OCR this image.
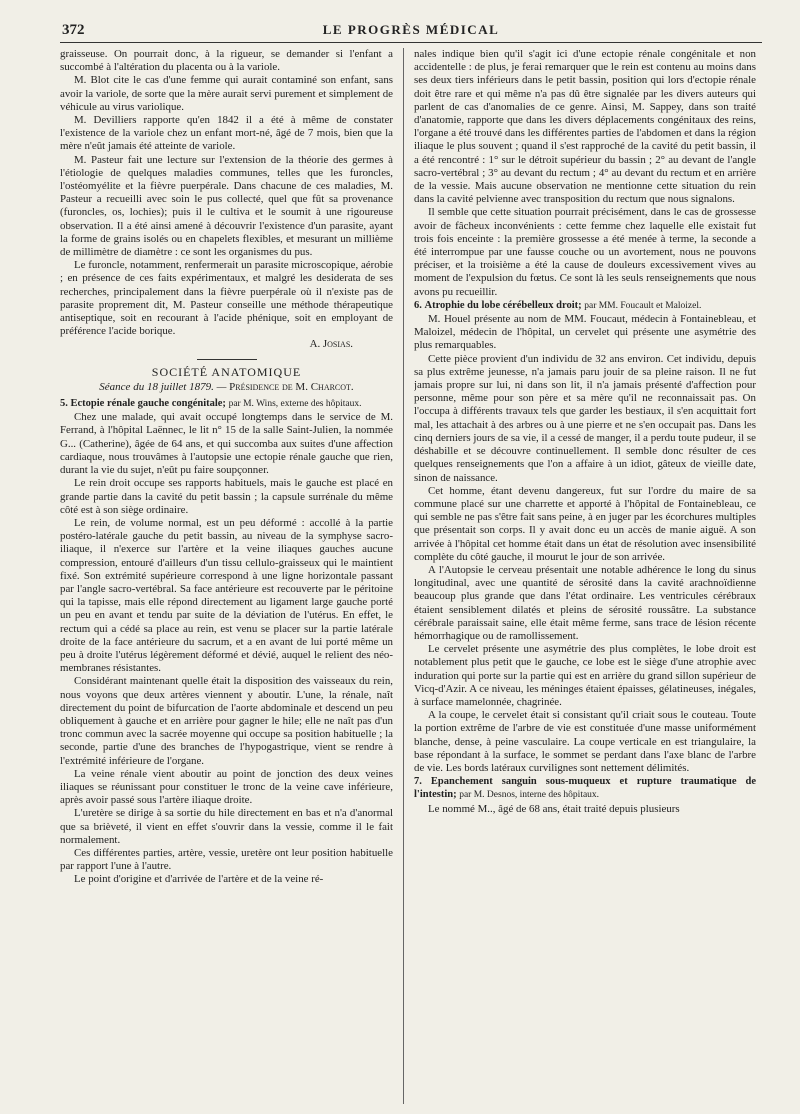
372	LE PROGRÈS MÉDICAL

graisseuse. On pourrait donc, à la rigueur, se demander si l'enfant a succombé à l'altération du placenta ou à la variole.

M. Blot cite le cas d'une femme qui aurait contaminé son enfant, sans avoir la variole, de sorte que la mère aurait servi purement et simplement de véhicule au virus variolique.

M. Devilliers rapporte qu'en 1842 il a été à même de constater l'existence de la variole chez un enfant mort-né, âgé de 7 mois, bien que la mère n'eût jamais été atteinte de variole.

M. Pasteur fait une lecture sur l'extension de la théorie des germes à l'étiologie de quelques maladies communes, telles que les furoncles, l'ostéomyélite et la fièvre puerpérale. Dans chacune de ces maladies, M. Pasteur a recueilli avec soin le pus collecté, quel que fût sa provenance (furoncles, os, lochies); puis il le cultiva et le soumit à une rigoureuse observation. Il a été ainsi amené à découvrir l'existence d'un parasite, ayant la forme de grains isolés ou en chapelets flexibles, et mesurant un millième de millimètre de diamètre : ce sont les organismes du pus.

Le furoncle, notamment, renfermerait un parasite microscopique, aérobie ; en présence de ces faits expérimentaux, et malgré les desiderata de ses recherches, principalement dans la fièvre puerpérale où il n'existe pas de parasite proprement dit, M. Pasteur conseille une méthode thérapeutique antiseptique, soit en recourant à l'acide phénique, soit en employant de préférence l'acide borique.

A. Josias.
SOCIÉTÉ ANATOMIQUE
Séance du 18 juillet 1879. — Présidence de M. Charcot.

5. Ectopie rénale gauche congénitale; par M. Wins, externe des hôpitaux.

Chez une malade, qui avait occupé longtemps dans le service de M. Ferrand, à l'hôpital Laënnec, le lit n° 15 de la salle Saint-Julien, la nommée G... (Catherine), âgée de 64 ans, et qui succomba aux suites d'une affection cardiaque, nous trouvâmes à l'autopsie une ectopie rénale gauche que rien, durant la vie du sujet, n'eût pu faire soupçonner.

Le rein droit occupe ses rapports habituels, mais le gauche est placé en grande partie dans la cavité du petit bassin ; la capsule surrénale du même côté est à son siège ordinaire.

Le rein, de volume normal, est un peu déformé : accollé à la partie postéro-latérale gauche du petit bassin, au niveau de la symphyse sacro-iliaque, il n'exerce sur l'artère et la veine iliaques gauches aucune compression, entouré d'ailleurs d'un tissu cellulo-graisseux qui le maintient fixé. Son extrémité supérieure correspond à une ligne horizontale passant par l'angle sacro-vertébral. Sa face antérieure est recouverte par le péritoine qui la tapisse, mais elle répond directement au ligament large gauche porté un peu en avant et tendu par suite de la déviation de l'utérus. En effet, le rectum qui a cédé sa place au rein, est venu se placer sur la partie latérale droite de la face antérieure du sacrum, et a en avant de lui porté même un peu à droite l'utérus légèrement déformé et dévié, auquel le relient des néo-membranes résistantes.

Considérant maintenant quelle était la disposition des vaisseaux du rein, nous voyons que deux artères viennent y aboutir. L'une, la rénale, naît directement du point de bifurcation de l'aorte abdominale et descend un peu obliquement à gauche et en arrière pour gagner le hile; elle ne naît pas d'un tronc commun avec la sacrée moyenne qui occupe sa position habituelle ; la seconde, partie d'une des branches de l'hypogastrique, vient se rendre à l'extrémité inférieure de l'organe.

La veine rénale vient aboutir au point de jonction des deux veines iliaques se réunissant pour constituer le tronc de la veine cave inférieure, après avoir passé sous l'artère iliaque droite.

L'uretère se dirige à sa sortie du hile directement en bas et n'a d'anormal que sa brièveté, il vient en effet s'ouvrir dans la vessie, comme il le fait normalement.

Ces différentes parties, artère, vessie, uretère ont leur position habituelle par rapport l'une à l'autre.

Le point d'origine et d'arrivée de l'artère et de la veine ré-

nales indique bien qu'il s'agit ici d'une ectopie rénale congénitale et non accidentelle : de plus, je ferai remarquer que le rein est contenu au moins dans ses deux tiers inférieurs dans le petit bassin, position qui lors d'ectopie rénale doit être rare et qui même n'a pas dû être signalée par les divers auteurs qui parlent de cas d'anomalies de ce genre. Ainsi, M. Sappey, dans son traité d'anatomie, rapporte que dans les divers déplacements congénitaux des reins, l'organe a été trouvé dans les différentes parties de l'abdomen et dans la région iliaque le plus souvent ; quand il s'est rapproché de la cavité du petit bassin, il a été rencontré : 1° sur le détroit supérieur du bassin ; 2° au devant de l'angle sacro-vertébral ; 3° au devant du rectum ; 4° au devant du rectum et en arrière de la vessie. Mais aucune observation ne mentionne cette situation du rein dans la cavité pelvienne avec transposition du rectum que nous signalons.

Il semble que cette situation pourrait précisément, dans le cas de grossesse avoir de fâcheux inconvénients : cette femme chez laquelle elle existait fut trois fois enceinte : la première grossesse a été menée à terme, la seconde a été interrompue par une fausse couche ou un avortement, nous ne pouvons préciser, et la troisième a été la cause de douleurs excessivement vives au moment de l'expulsion du fœtus. Ce sont là les seuls renseignements que nous avons pu recueillir.

6. Atrophie du lobe cérébelleux droit; par MM. Foucault et Maloizel.

M. Houel présente au nom de MM. Foucaut, médecin à Fontainebleau, et Maloizel, médecin de l'hôpital, un cervelet qui présente une asymétrie des plus remarquables.

Cette pièce provient d'un individu de 32 ans environ. Cet individu, depuis sa plus extrême jeunesse, n'a jamais paru jouir de sa pleine raison. Il ne fut jamais propre sur lui, ni dans son lit, il n'a jamais présenté d'affection pour personne, même pour son père et sa mère qu'il ne reconnaissait pas. On l'occupa à différents travaux tels que garder les bestiaux, il s'en acquittait fort mal, les attachait à des arbres ou à une pierre et ne s'en occupait pas. Dans les cinq derniers jours de sa vie, il a cessé de manger, il a perdu toute pudeur, il se déshabille et se découvre continuellement. Il semble donc résulter de ces quelques renseignements que l'on a affaire à un idiot, gâteux de vieille date, sinon de naissance.

Cet homme, étant devenu dangereux, fut sur l'ordre du maire de sa commune placé sur une charrette et apporté à l'hôpital de Fontainebleau, ce qui semble ne pas s'être fait sans peine, à en juger par les écorchures multiples que présentait son corps. Il y avait donc eu un accès de manie aiguë. A son arrivée à l'hôpital cet homme était dans un état de résolution avec insensibilité complète du côté gauche, il mourut le jour de son arrivée.

A l'Autopsie le cerveau présentait une notable adhérence le long du sinus longitudinal, avec une quantité de sérosité dans la cavité arachnoïdienne beaucoup plus grande que dans l'état ordinaire. Les ventricules cérébraux étaient sensiblement dilatés et pleins de sérosité roussâtre. La substance cérébrale paraissait saine, elle était même ferme, sans trace de lésion récente hémorrhagique ou de ramollissement.

Le cervelet présente une asymétrie des plus complètes, le lobe droit est notablement plus petit que le gauche, ce lobe est le siège d'une atrophie avec induration qui porte sur la partie qui est en arrière du grand sillon supérieur de Vicq-d'Azir. A ce niveau, les méninges étaient épaisses, gélatineuses, inégales, à surface mamelonnée, chagrinée.

A la coupe, le cervelet était si consistant qu'il criait sous le couteau. Toute la portion extrême de l'arbre de vie est constituée d'une masse uniformément blanche, dense, à peine vasculaire. La coupe verticale en est triangulaire, la base répondant à la surface, le sommet se perdant dans l'axe blanc de l'arbre de vie. Les bords latéraux curvilignes sont nettement délimités.

7. Epanchement sanguin sous-muqueux et rupture traumatique de l'intestin; par M. Desnos, interne des hôpitaux.

Le nommé M.., âgé de 68 ans, était traité depuis plusieurs
